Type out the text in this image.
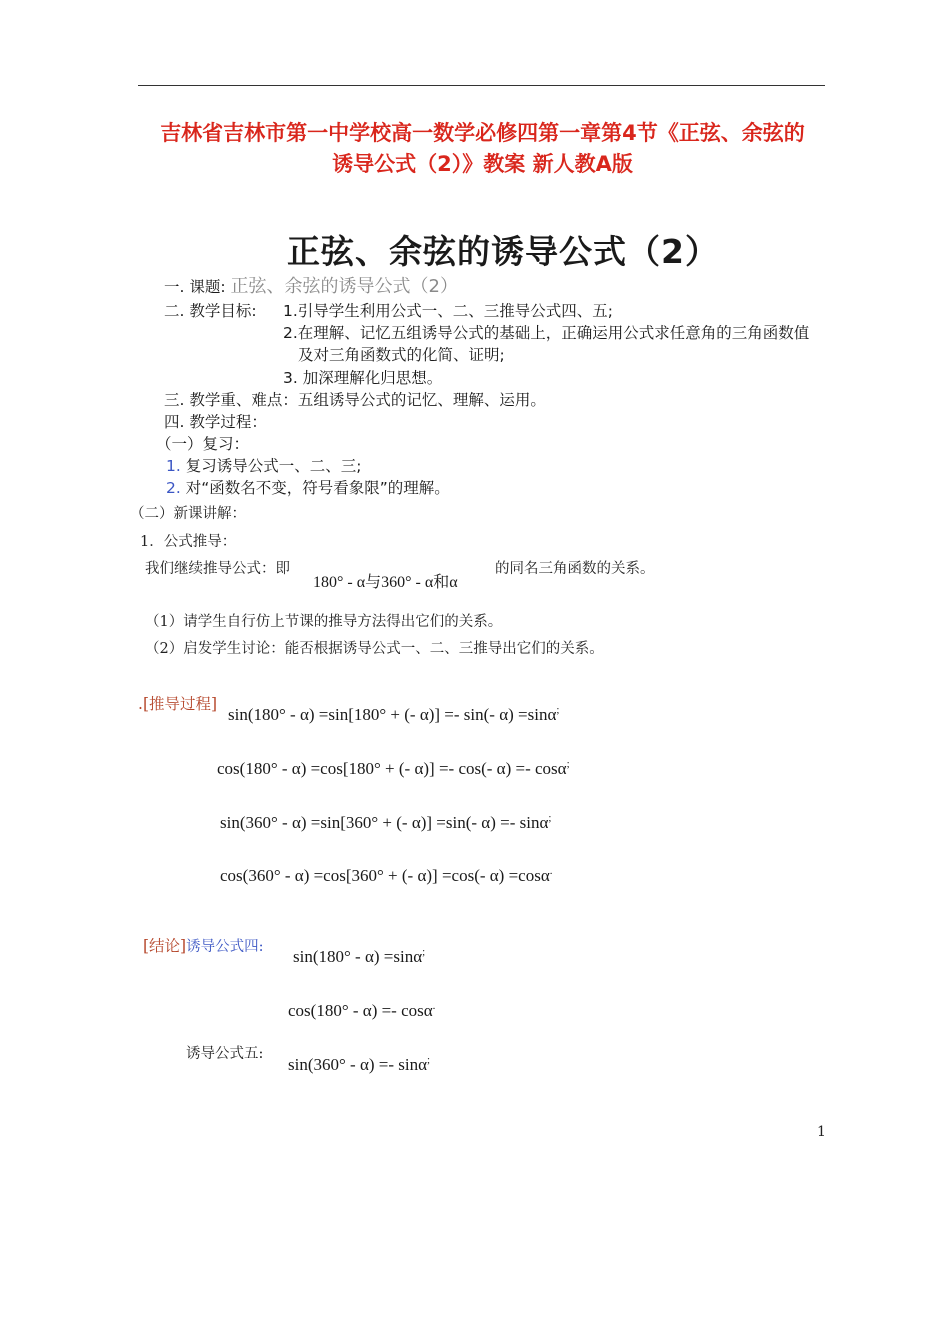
吉林省吉林市第一中学校高一数学必修四第一章第4节《正弦、余弦的
诱导公式（2）》教案 新人教A版
正弦、余弦的诱导公式（2）
一. 课题: 正弦、余弦的诱导公式（2）
二. 教学目标: 1.引导学生利用公式一、二、三推导公式四、五;
2.在理解、记忆五组诱导公式的基础上，正确运用公式求任意角的三角函数值
及对三角函数式的化简、证明;
3. 加深理解化归思想。
三. 教学重、难点：五组诱导公式的记忆、理解、运用。
四. 教学过程：
（一）复习：
1. 复习诱导公式一、二、三;
2. 对“函数名不变，符号看象限”的理解。
（二）新课讲解：
1．公式推导：
我们继续推导公式：即
180° - α与360° - α和α
的同名三角函数的关系。
（1）请学生自行仿上节课的推导方法得出它们的关系。
（2）启发学生讨论：能否根据诱导公式一、二、三推导出它们的关系。
.[推导过程]
sin(180° - α) =sin[180° + (- α)] =- sin(- α) =sinα;
cos(180° - α) =cos[180° + (- α)] =- cos(- α) =- cosα;
sin(360° - α) =sin[360° + (- α)] =sin(- α) =- sinα;
cos(360° - α) =cos[360° + (- α)] =cos(- α) =cosα.
[结论]诱导公式四: sin(180° - α) =sinα;
cos(180° - α) =- cosα.
诱导公式五:
sin(360° - α) =- sinα;
1
